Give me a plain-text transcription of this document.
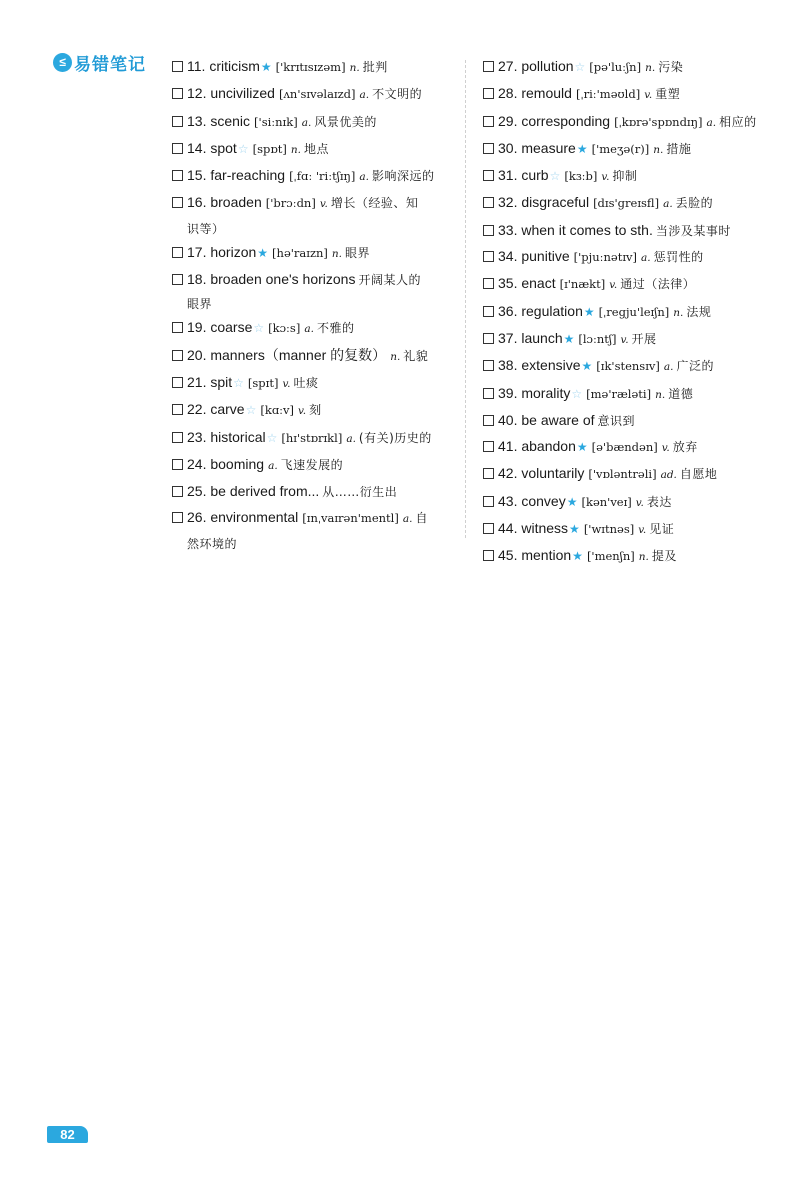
≤ 易错笔记	11. criticism★ ['krɪtɪsɪzəm] n. 批判
12. uncivilized [ʌn'sɪvəlaɪzd] a. 不文明的
13. scenic ['siːnɪk] a. 风景优美的
14. spot☆ [spɒt] n. 地点
15. far-reaching [ˌfɑː 'riːtʃɪŋ] a. 影响深远的
16. broaden ['brɔːdn] v. 增长（经验、知
识等）
17. horizon★ [hə'raɪzn] n. 眼界
18. broaden one's horizons 开阔某人的
眼界
19. coarse☆ [kɔːs] a. 不雅的
20. manners（manner 的复数） n. 礼貌
21. spit☆ [spɪt] v. 吐痰
22. carve☆ [kɑːv] v. 刻
23. historical☆ [hɪ'stɒrɪkl] a. (有关)历史的
24. booming a. 飞速发展的
25. be derived from... 从……衍生出
26. environmental [ɪnˌvaɪrən'mentl] a. 自
然环境的
27. pollution☆ [pə'luːʃn] n. 污染
28. remould [ˌriː'məʊld] v. 重塑
29. corresponding [ˌkɒrə'spɒndɪŋ] a. 相应的
30. measure★ ['meʒə(r)] n. 措施
31. curb☆ [kɜːb] v. 抑制
32. disgraceful [dɪs'greɪsfl] a. 丢脸的
33. when it comes to sth. 当涉及某事时
34. punitive ['pjuːnətɪv] a. 惩罚性的
35. enact [ɪ'nækt] v. 通过（法律）
36. regulation★ [ˌregju'leɪʃn] n. 法规
37. launch★ [lɔːntʃ] v. 开展
38. extensive★ [ɪk'stensɪv] a. 广泛的
39. morality☆ [mə'ræləti] n. 道德
40. be aware of 意识到
41. abandon★ [ə'bændən] v. 放弃
42. voluntarily ['vɒləntrəli] ad. 自愿地
43. convey★ [kən'veɪ] v. 表达
44. witness★ ['wɪtnəs] v. 见证
45. mention★ ['menʃn] n. 提及
82
